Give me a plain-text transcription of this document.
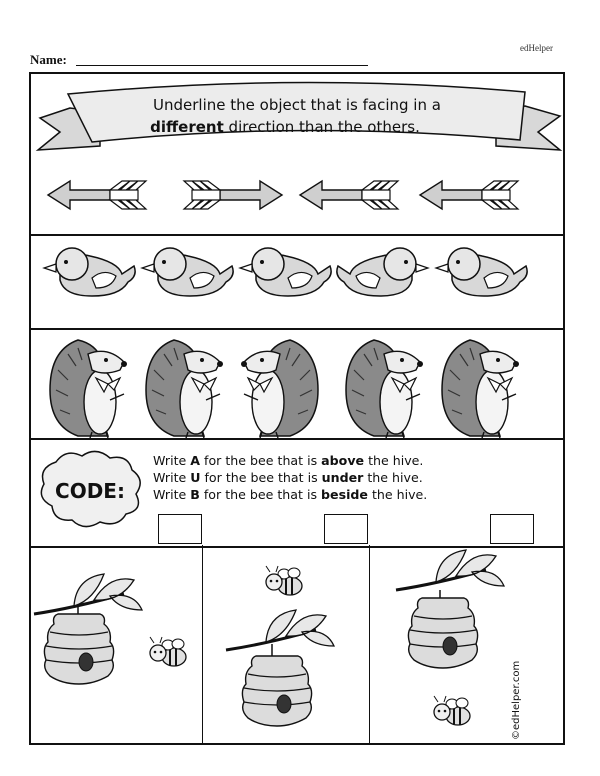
edHelper
Name:
Underline the object that is facing in a
different direction than the others.
CODE:
Write A for the bee that is above the hive.
Write U for the bee that is under the hive.
Write B for the bee that is beside the hive.
©edHelper.com
